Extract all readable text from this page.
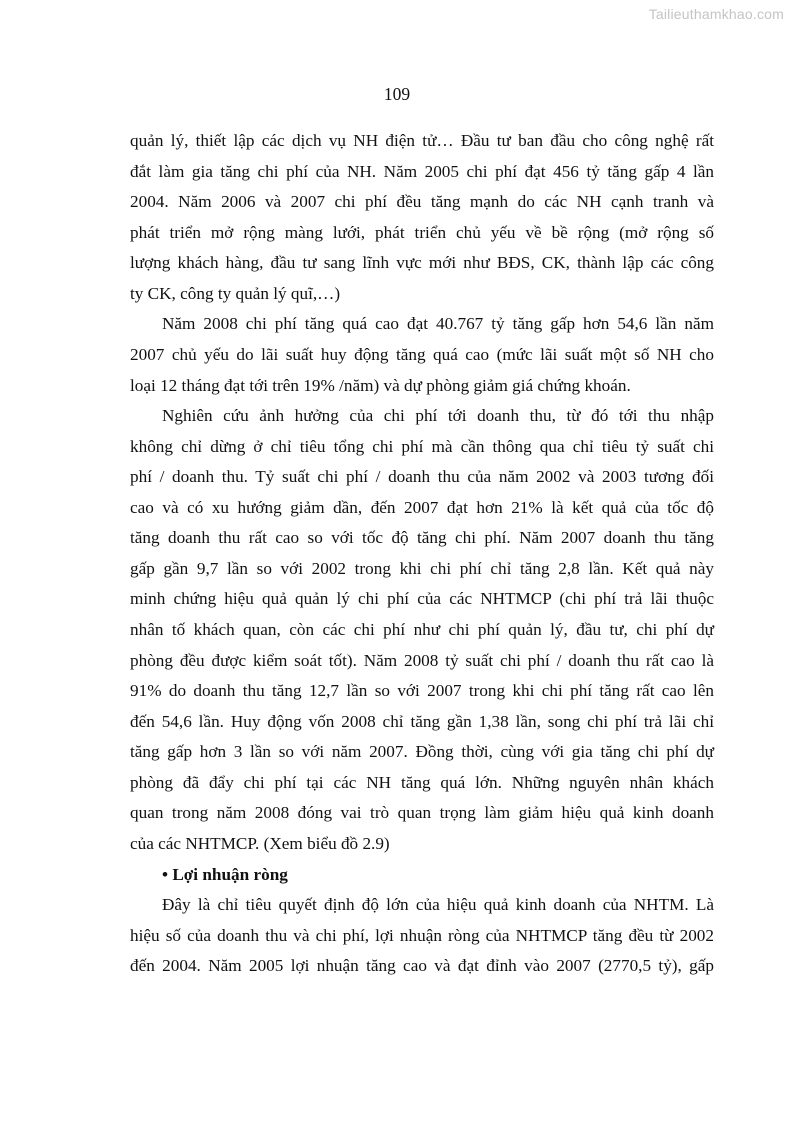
Tailieuthamkhao.com
109
quản lý, thiết lập các dịch vụ NH điện tử… Đầu tư ban đầu cho công nghệ rất
đắt làm gia tăng chi phí của NH. Năm 2005 chi phí đạt 456 tỷ tăng gấp 4 lần
2004. Năm 2006 và 2007 chi phí đều tăng mạnh do các NH cạnh tranh và
phát triển mở rộng màng lưới, phát triển chủ yếu về bề rộng (mở rộng số
lượng khách hàng, đầu tư sang lĩnh vực mới như BĐS, CK, thành lập các công
ty CK, công ty quản lý quĩ,…)
Năm 2008 chi phí tăng quá cao đạt 40.767 tỷ tăng gấp hơn 54,6 lần năm
2007 chủ yếu do lãi suất huy động tăng quá cao (mức lãi suất một số NH cho
loại 12 tháng đạt tới trên 19% /năm) và dự phòng giảm giá chứng khoán.
Nghiên cứu ảnh hưởng của chi phí tới doanh thu, từ đó tới thu nhập
không chỉ dừng ở chỉ tiêu tổng chi phí mà cần thông qua chỉ tiêu tỷ suất chi
phí / doanh thu. Tỷ suất chi phí / doanh thu của năm 2002 và 2003 tương đối
cao và có xu hướng giảm dần, đến 2007 đạt hơn 21% là kết quả của tốc độ
tăng doanh thu rất cao so với tốc độ tăng chi phí. Năm 2007 doanh thu tăng
gấp gần 9,7 lần so với 2002 trong khi chi phí chỉ tăng 2,8 lần. Kết quả này
minh chứng hiệu quả quản lý chi phí của các NHTMCP (chi phí trả lãi thuộc
nhân tố khách quan, còn các chi phí như chi phí quản lý, đầu tư, chi phí dự
phòng đều được kiểm soát tốt). Năm 2008 tỷ suất chi phí / doanh thu rất cao là
91% do doanh thu tăng 12,7 lần so với 2007 trong khi chi phí tăng rất cao lên
đến 54,6 lần. Huy động vốn 2008 chỉ tăng gần 1,38 lần, song chi phí trả lãi chỉ
tăng gấp hơn 3 lần so với năm 2007. Đồng thời, cùng với gia tăng chi phí dự
phòng đã đẩy chi phí tại các NH tăng quá lớn. Những nguyên nhân khách
quan trong năm 2008 đóng vai trò quan trọng làm giảm hiệu quả kinh doanh
của các NHTMCP. (Xem biểu đồ 2.9)
• Lợi nhuận ròng
Đây là chỉ tiêu quyết định độ lớn của hiệu quả kinh doanh của NHTM. Là
hiệu số của doanh thu và chi phí, lợi nhuận ròng của NHTMCP tăng đều từ 2002
đến 2004. Năm 2005 lợi nhuận tăng cao và đạt đỉnh vào 2007 (2770,5 tỷ), gấp
